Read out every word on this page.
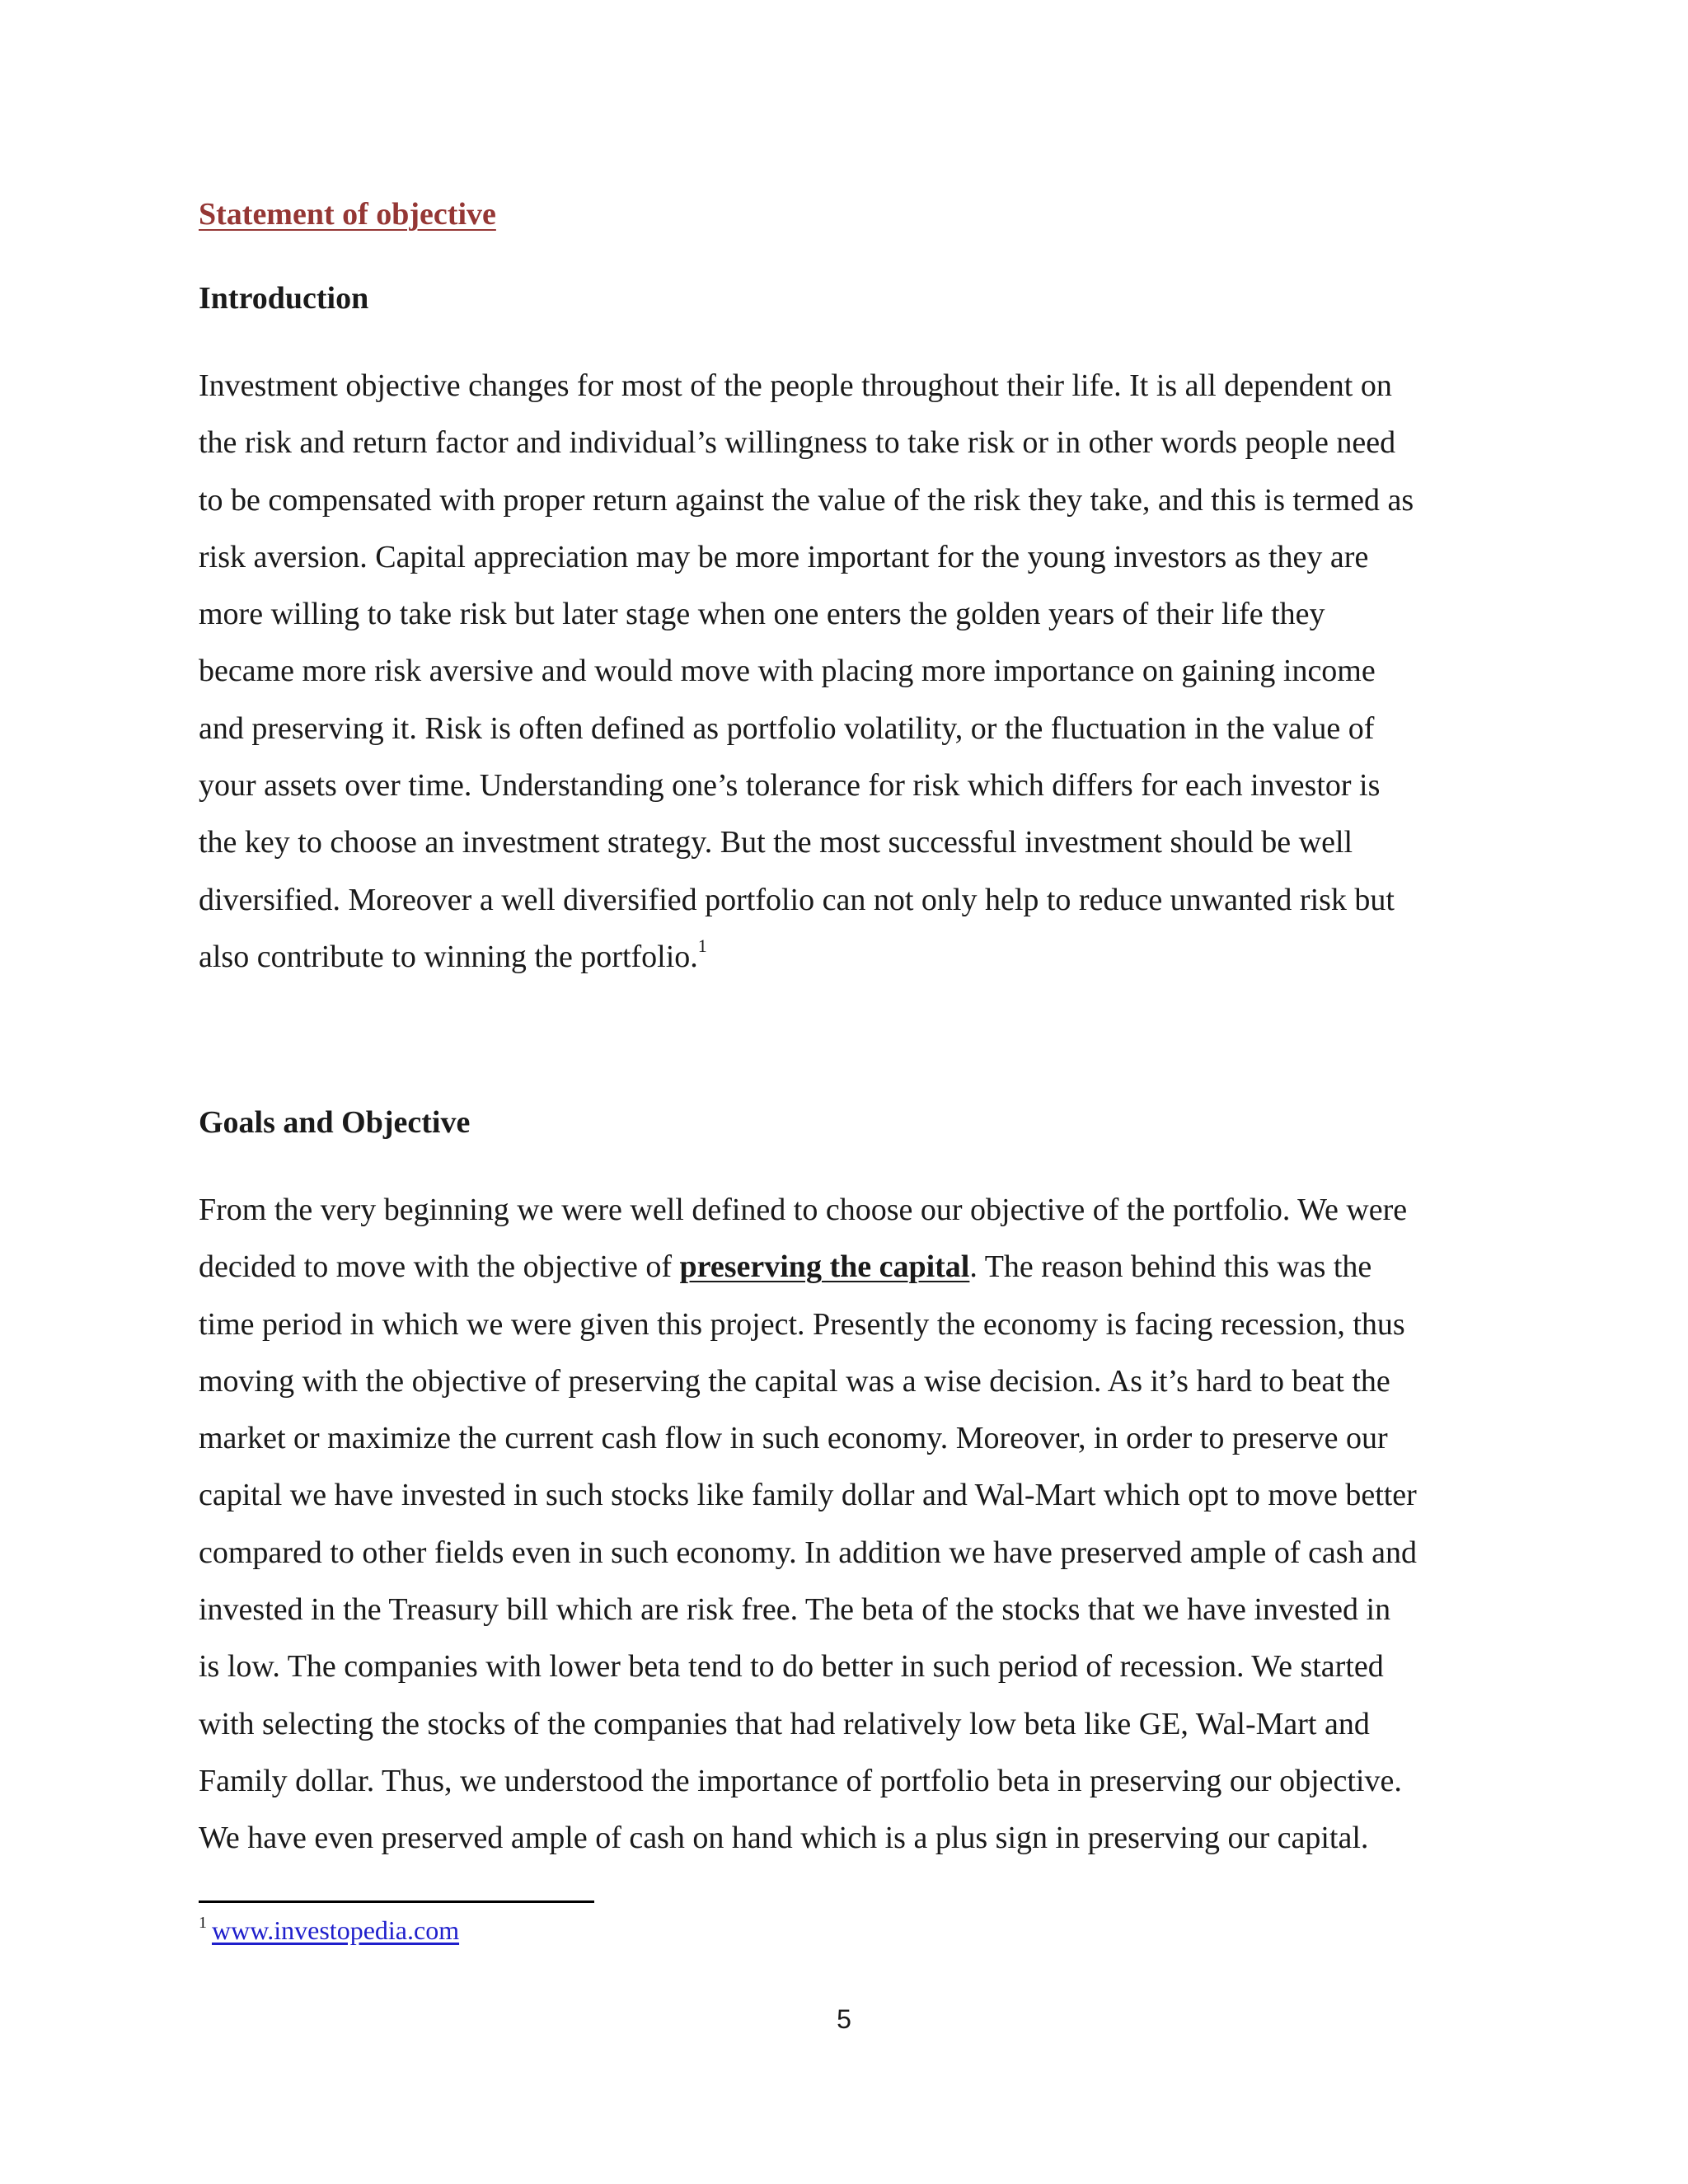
Statement of objective
Introduction

Investment objective changes for most of the people throughout their life. It is all dependent on
the risk and return factor and individual’s willingness to take risk or in other words people need
to be compensated with proper return against the value of the risk they take, and this is termed as
risk aversion. Capital appreciation may be more important for the young investors as they are
more willing to take risk but later stage when one enters the golden years of their life they
became more risk aversive and would move with placing more importance on gaining income
and preserving it. Risk is often defined as portfolio volatility, or the fluctuation in the value of
your assets over time. Understanding one’s tolerance for risk which differs for each investor is
the key to choose an investment strategy. But the most successful investment should be well
diversified. Moreover a well diversified portfolio can not only help to reduce unwanted risk but
also contribute to winning the portfolio.$^1$

Goals and Objective

From the very beginning we were well defined to choose our objective of the portfolio. We were
decided to move with the objective of preserving the capital. The reason behind this was the
time period in which we were given this project. Presently the economy is facing recession, thus
moving with the objective of preserving the capital was a wise decision. As it’s hard to beat the
market or maximize the current cash flow in such economy. Moreover, in order to preserve our
capital we have invested in such stocks like family dollar and Wal-Mart which opt to move better
compared to other fields even in such economy. In addition we have preserved ample of cash and
invested in the Treasury bill which are risk free. The beta of the stocks that we have invested in
is low. The companies with lower beta tend to do better in such period of recession. We started
with selecting the stocks of the companies that had relatively low beta like GE, Wal-Mart and
Family dollar. Thus, we understood the importance of portfolio beta in preserving our objective.
We have even preserved ample of cash on hand which is a plus sign in preserving our capital.

$^1$ www.investopedia.com

5
